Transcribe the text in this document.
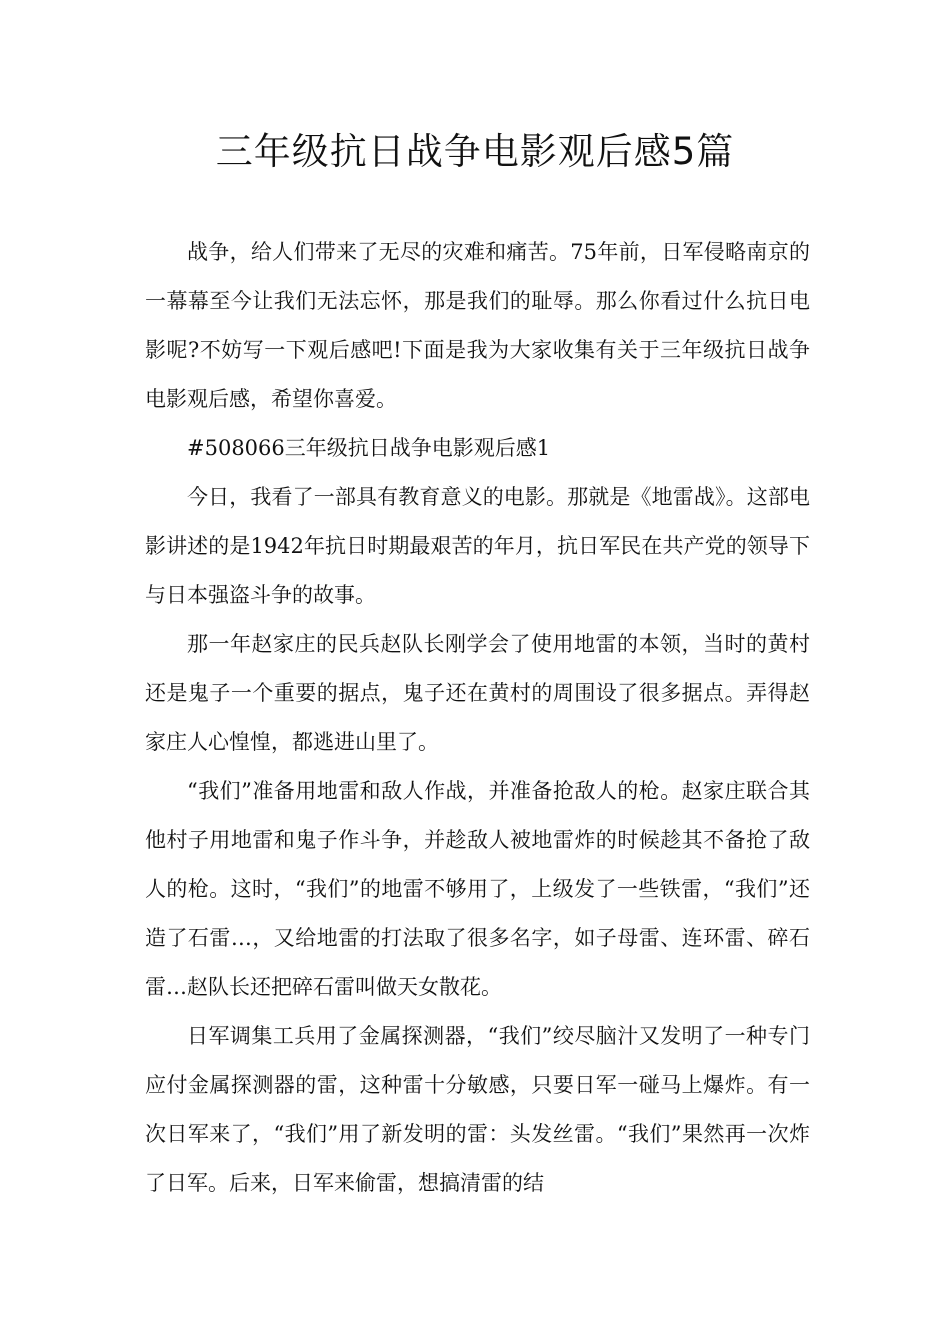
三年级抗日战争电影观后感5篇

战争，给人们带来了无尽的灾难和痛苦。75年前，日军侵略南京的一幕幕至今让我们无法忘怀，那是我们的耻辱。那么你看过什么抗日电影呢?不妨写一下观后感吧!下面是我为大家收集有关于三年级抗日战争电影观后感，希望你喜爱。

#508066三年级抗日战争电影观后感1

今日，我看了一部具有教育意义的电影。那就是《地雷战》。这部电影讲述的是1942年抗日时期最艰苦的年月，抗日军民在共产党的领导下与日本强盗斗争的故事。

那一年赵家庄的民兵赵队长刚学会了使用地雷的本领，当时的黄村还是鬼子一个重要的据点，鬼子还在黄村的周围设了很多据点。弄得赵家庄人心惶惶，都逃进山里了。

“我们”准备用地雷和敌人作战，并准备抢敌人的枪。赵家庄联合其他村子用地雷和鬼子作斗争，并趁敌人被地雷炸的时候趁其不备抢了敌人的枪。这时，“我们”的地雷不够用了，上级发了一些铁雷，“我们”还造了石雷…，又给地雷的打法取了很多名字，如子母雷、连环雷、碎石雷…赵队长还把碎石雷叫做天女散花。

日军调集工兵用了金属探测器，“我们”绞尽脑汁又发明了一种专门应付金属探测器的雷，这种雷十分敏感，只要日军一碰马上爆炸。有一次日军来了，“我们”用了新发明的雷：头发丝雷。“我们”果然再一次炸了日军。后来，日军来偷雷，想搞清雷的结
